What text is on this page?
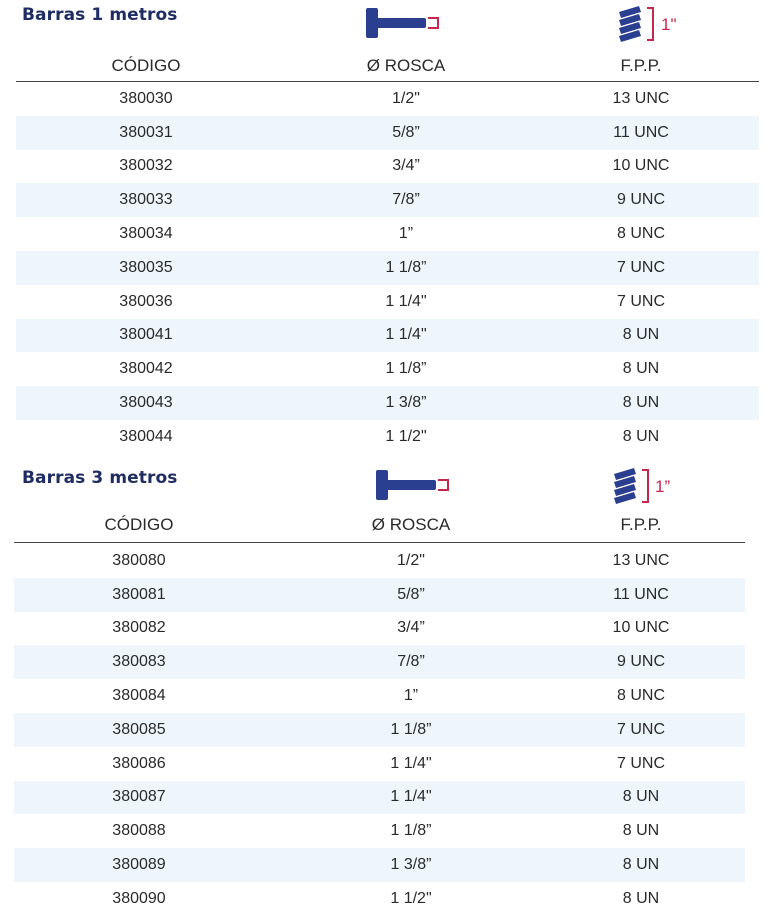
Barras 1 metros	1"
CÓDIGO	Ø ROSCA	F.P.P.
380030	1/2"	13 UNC
380031	5/8”	11 UNC
380032	3/4”	10 UNC
380033	7/8”	9 UNC
380034	1”	8 UNC
380035	1 1/8”	7 UNC
380036	1 1/4"	7 UNC
380041	1 1/4"	8 UN
380042	1 1/8”	8 UN
380043	1 3/8”	8 UN
380044	1 1/2"	8 UN
Barras 3 metros	1”
CÓDIGO	Ø ROSCA	F.P.P.
380080	1/2"	13 UNC
380081	5/8”	11 UNC
380082	3/4”	10 UNC
380083	7/8”	9 UNC
380084	1”	8 UNC
380085	1 1/8”	7 UNC
380086	1 1/4"	7 UNC
380087	1 1/4"	8 UN
380088	1 1/8”	8 UN
380089	1 3/8”	8 UN
380090	1 1/2"	8 UN
